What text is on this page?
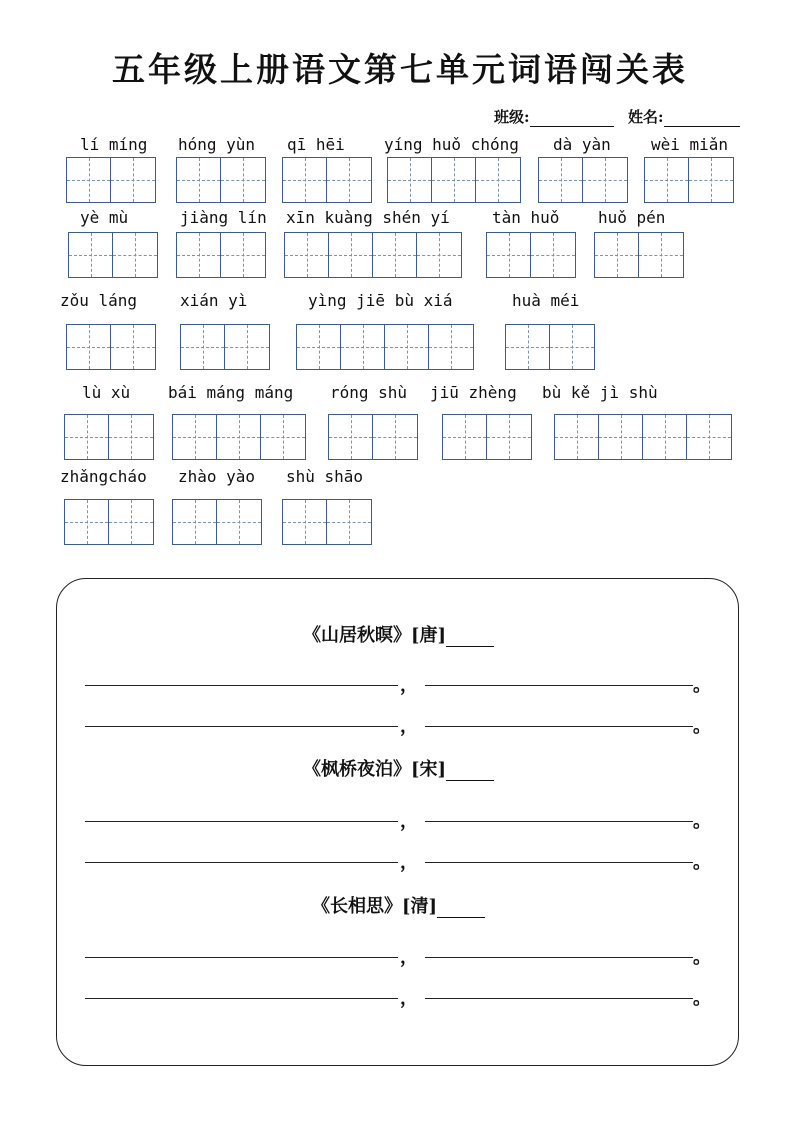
五年级上册语文第七单元词语闯关表
班级:	姓名:
lí míng hóng yùn qī hēi yíng huǒ chóng dà yàn	wèi miǎn
yè mù	jiàng lín xīn kuàng shén yí	tàn huǒ huǒ pén
zǒu láng	xián yì	yìng jiē bù xiá	huà méi
lù xù bái máng máng róng shù jiū zhèng bù kě jì shù
zhǎngcháo zhào yào shù shāo
《山居秋暝》[唐]
，	。
，	。
《枫桥夜泊》[宋]
，	。
，	。
《长相思》[清]
，	。
，	。
